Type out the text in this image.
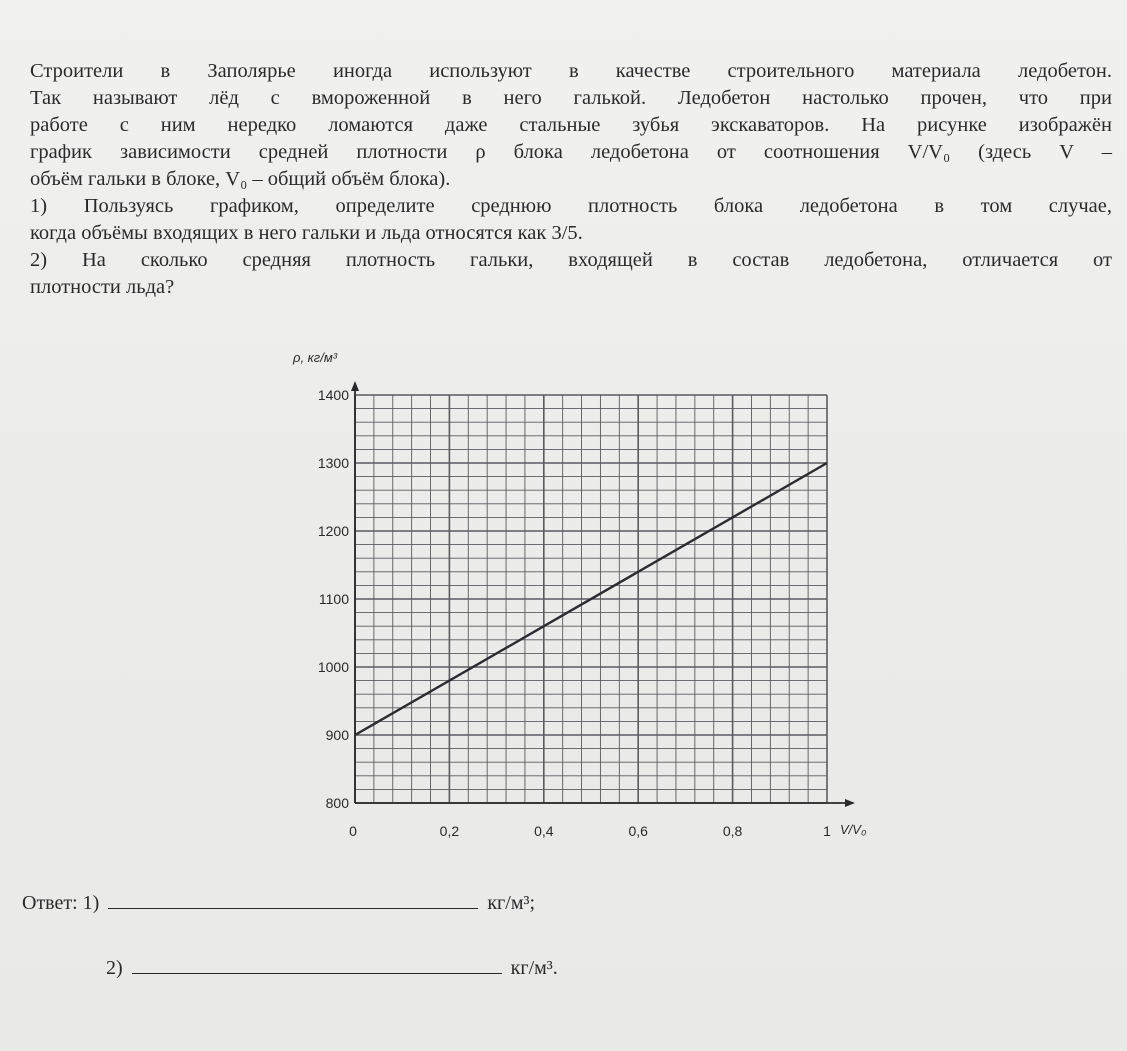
Строители в Заполярье иногда используют в качестве строительного материала ледобетон.

Так называют лёд с вмороженной в него галькой. Ледобетон настолько прочен, что при

работе с ним нередко ломаются даже стальные зубья экскаваторов. На рисунке изображён

график зависимости средней плотности ρ блока ледобетона от соотношения V/V₀ (здесь V –

объём гальки в блоке, V₀ – общий объём блока).

1) Пользуясь графиком, определите среднюю плотность блока ледобетона в том случае,

когда объёмы входящих в него гальки и льда относятся как 3/5.

2) На сколько средняя плотность гальки, входящей в состав ледобетона, отличается от

плотности льда?

800
900
1000
1100
1200
1300
1400
0	0,2	0,4	0,6	0,8	1
ρ, кг/м³
V/V₀
Ответ: 1)	кг/м³;
2)	кг/м³.
